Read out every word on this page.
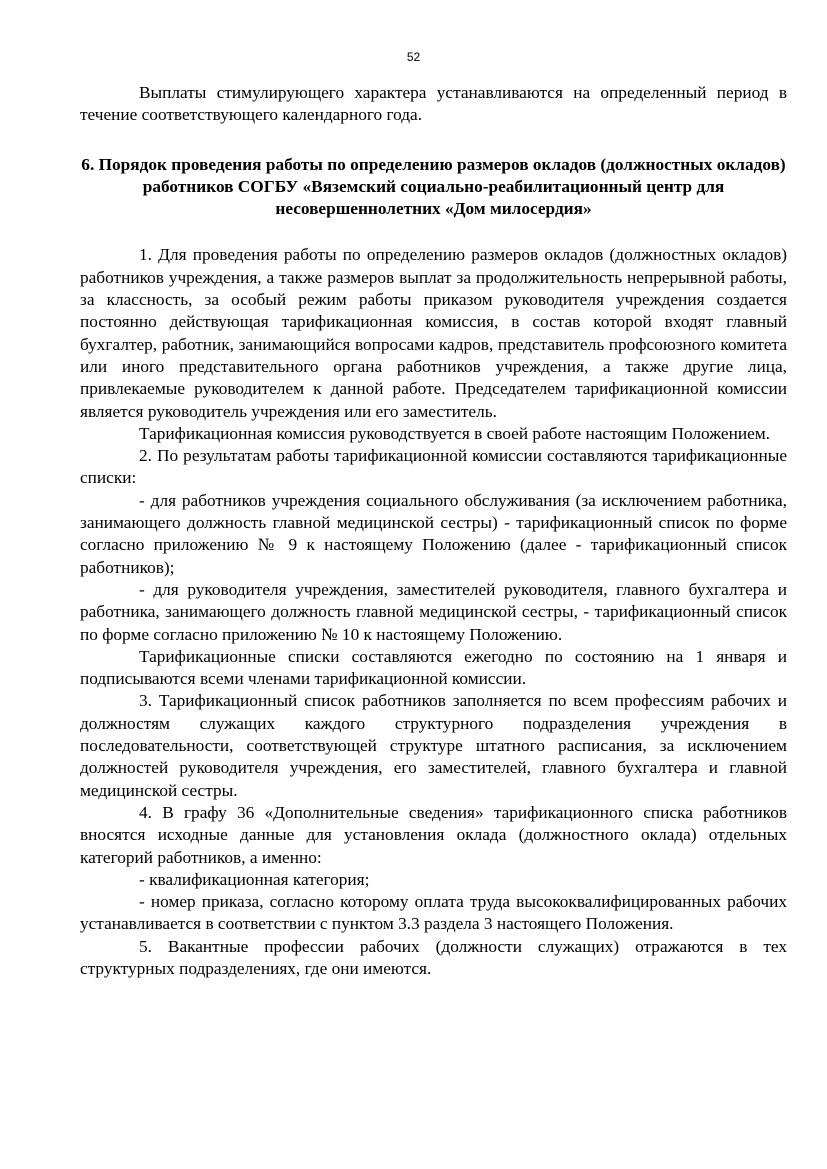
52

Выплаты стимулирующего характера устанавливаются на определенный период в течение соответствующего календарного года.

6. Порядок проведения работы по определению размеров окладов (должностных окладов) работников СОГБУ «Вяземский социально-реабилитационный центр для несовершеннолетних «Дом милосердия»

1. Для проведения работы по определению размеров окладов (должностных окладов) работников учреждения, а также размеров выплат за продолжительность непрерывной работы, за классность, за особый режим работы приказом руководителя учреждения создается постоянно действующая тарификационная комиссия, в состав которой входят главный бухгалтер, работник, занимающийся вопросами кадров, представитель профсоюзного комитета или иного представительного органа работников учреждения, а также другие лица, привлекаемые руководителем к данной работе. Председателем тарификационной комиссии является руководитель учреждения или его заместитель.

Тарификационная комиссия руководствуется в своей работе настоящим Положением.

2. По результатам работы тарификационной комиссии составляются тарификационные списки:

- для работников учреждения социального обслуживания (за исключением работника, занимающего должность главной медицинской сестры) - тарификационный список по форме согласно приложению № 9 к настоящему Положению (далее - тарификационный список работников);

- для руководителя учреждения, заместителей руководителя, главного бухгалтера и работника, занимающего должность главной медицинской сестры, - тарификационный список по форме согласно приложению № 10 к настоящему Положению.

Тарификационные списки составляются ежегодно по состоянию на 1 января и подписываются всеми членами тарификационной комиссии.

3. Тарификационный список работников заполняется по всем профессиям рабочих и должностям служащих каждого структурного подразделения учреждения в последовательности, соответствующей структуре штатного расписания, за исключением должностей руководителя учреждения, его заместителей, главного бухгалтера и главной медицинской сестры.

4. В графу 36 «Дополнительные сведения» тарификационного списка работников вносятся исходные данные для установления оклада (должностного оклада) отдельных категорий работников, а именно:

- квалификационная категория;

- номер приказа, согласно которому оплата труда высококвалифицированных рабочих устанавливается в соответствии с пунктом 3.3 раздела 3 настоящего Положения.

5. Вакантные профессии рабочих (должности служащих) отражаются в тех структурных подразделениях, где они имеются.
